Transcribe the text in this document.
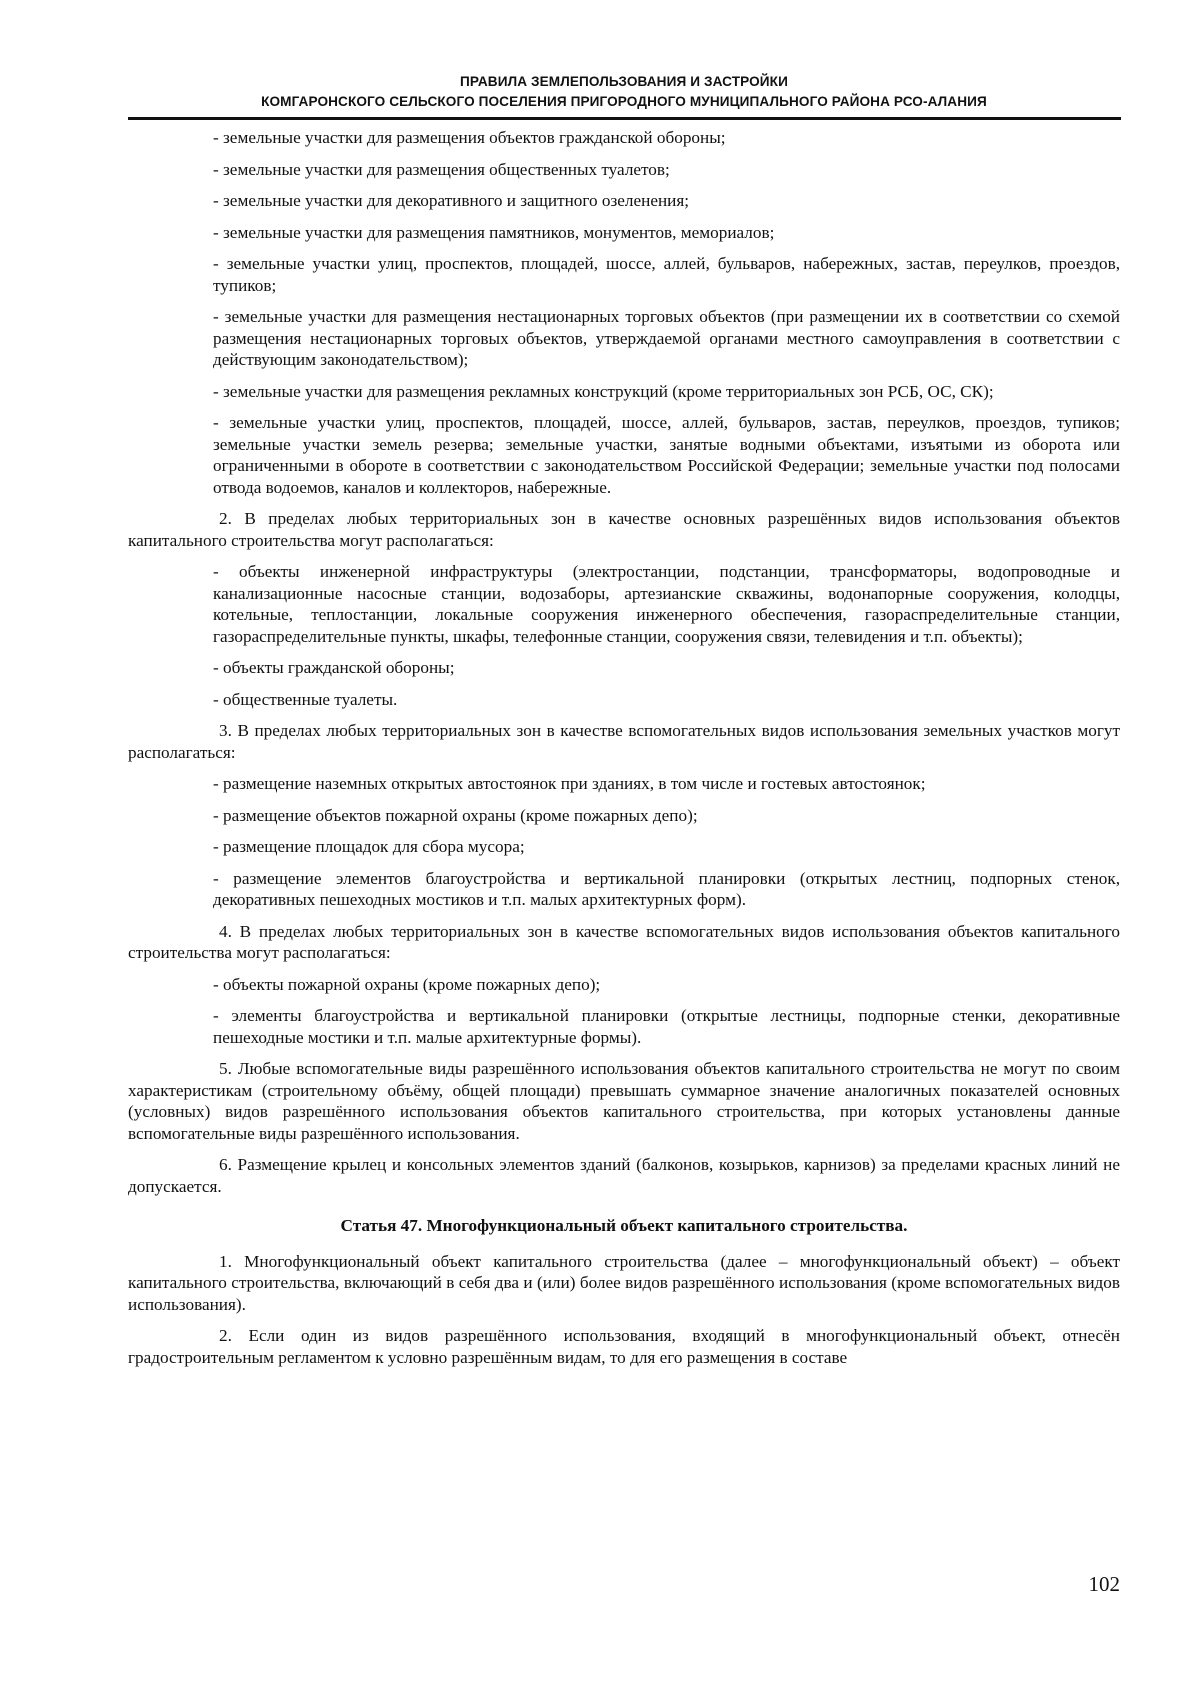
ПРАВИЛА ЗЕМЛЕПОЛЬЗОВАНИЯ И ЗАСТРОЙКИ
КОМГАРОНСКОГО СЕЛЬСКОГО ПОСЕЛЕНИЯ ПРИГОРОДНОГО МУНИЦИПАЛЬНОГО РАЙОНА РСО-АЛАНИЯ

- земельные участки для размещения объектов гражданской обороны;

- земельные участки для размещения общественных туалетов;

- земельные участки для декоративного и защитного озеленения;

- земельные участки для размещения памятников, монументов, мемориалов;

- земельные участки улиц, проспектов, площадей, шоссе, аллей, бульваров, набережных, застав, переулков, проездов, тупиков;

- земельные участки для размещения нестационарных торговых объектов (при размещении их в соответствии со схемой размещения нестационарных торговых объектов, утверждаемой органами местного самоуправления в соответствии с действующим законодательством);

- земельные участки для размещения рекламных конструкций (кроме территориальных зон РСБ, ОС, СК);

- земельные участки улиц, проспектов, площадей, шоссе, аллей, бульваров, застав, переулков, проездов, тупиков; земельные участки земель резерва; земельные участки, занятые водными объектами, изъятыми из оборота или ограниченными в обороте в соответствии с законодательством Российской Федерации; земельные участки под полосами отвода водоемов, каналов и коллекторов, набережные.

2. В пределах любых территориальных зон в качестве основных разрешённых видов использования объектов капитального строительства могут располагаться:

- объекты инженерной инфраструктуры (электростанции, подстанции, трансформаторы, водопроводные и канализационные насосные станции, водозаборы, артезианские скважины, водонапорные сооружения, колодцы, котельные, теплостанции, локальные сооружения инженерного обеспечения, газораспределительные станции, газораспределительные пункты, шкафы, телефонные станции, сооружения связи, телевидения и т.п. объекты);

- объекты гражданской обороны;

- общественные туалеты.

3. В пределах любых территориальных зон в качестве вспомогательных видов использования земельных участков могут располагаться:

- размещение наземных открытых автостоянок при зданиях, в том числе и гостевых автостоянок;

- размещение объектов пожарной охраны (кроме пожарных депо);

- размещение площадок для сбора мусора;

- размещение элементов благоустройства и вертикальной планировки (открытых лестниц, подпорных стенок, декоративных пешеходных мостиков и т.п. малых архитектурных форм).

4. В пределах любых территориальных зон в качестве вспомогательных видов использования объектов капитального строительства могут располагаться:

- объекты пожарной охраны (кроме пожарных депо);

- элементы благоустройства и вертикальной планировки (открытые лестницы, подпорные стенки, декоративные пешеходные мостики и т.п. малые архитектурные формы).

5. Любые вспомогательные виды разрешённого использования объектов капитального строительства не могут по своим характеристикам (строительному объёму, общей площади) превышать суммарное значение аналогичных показателей основных (условных) видов разрешённого использования объектов капитального строительства, при которых установлены данные вспомогательные виды разрешённого использования.

6. Размещение крылец и консольных элементов зданий (балконов, козырьков, карнизов) за пределами красных линий не допускается.

Статья 47. Многофункциональный объект капитального строительства.

1. Многофункциональный объект капитального строительства (далее – многофункциональный объект) – объект капитального строительства, включающий в себя два и (или) более видов разрешённого использования (кроме вспомогательных видов использования).

2. Если один из видов разрешённого использования, входящий в многофункциональный объект, отнесён градостроительным регламентом к условно разрешённым видам, то для его размещения в составе

102
